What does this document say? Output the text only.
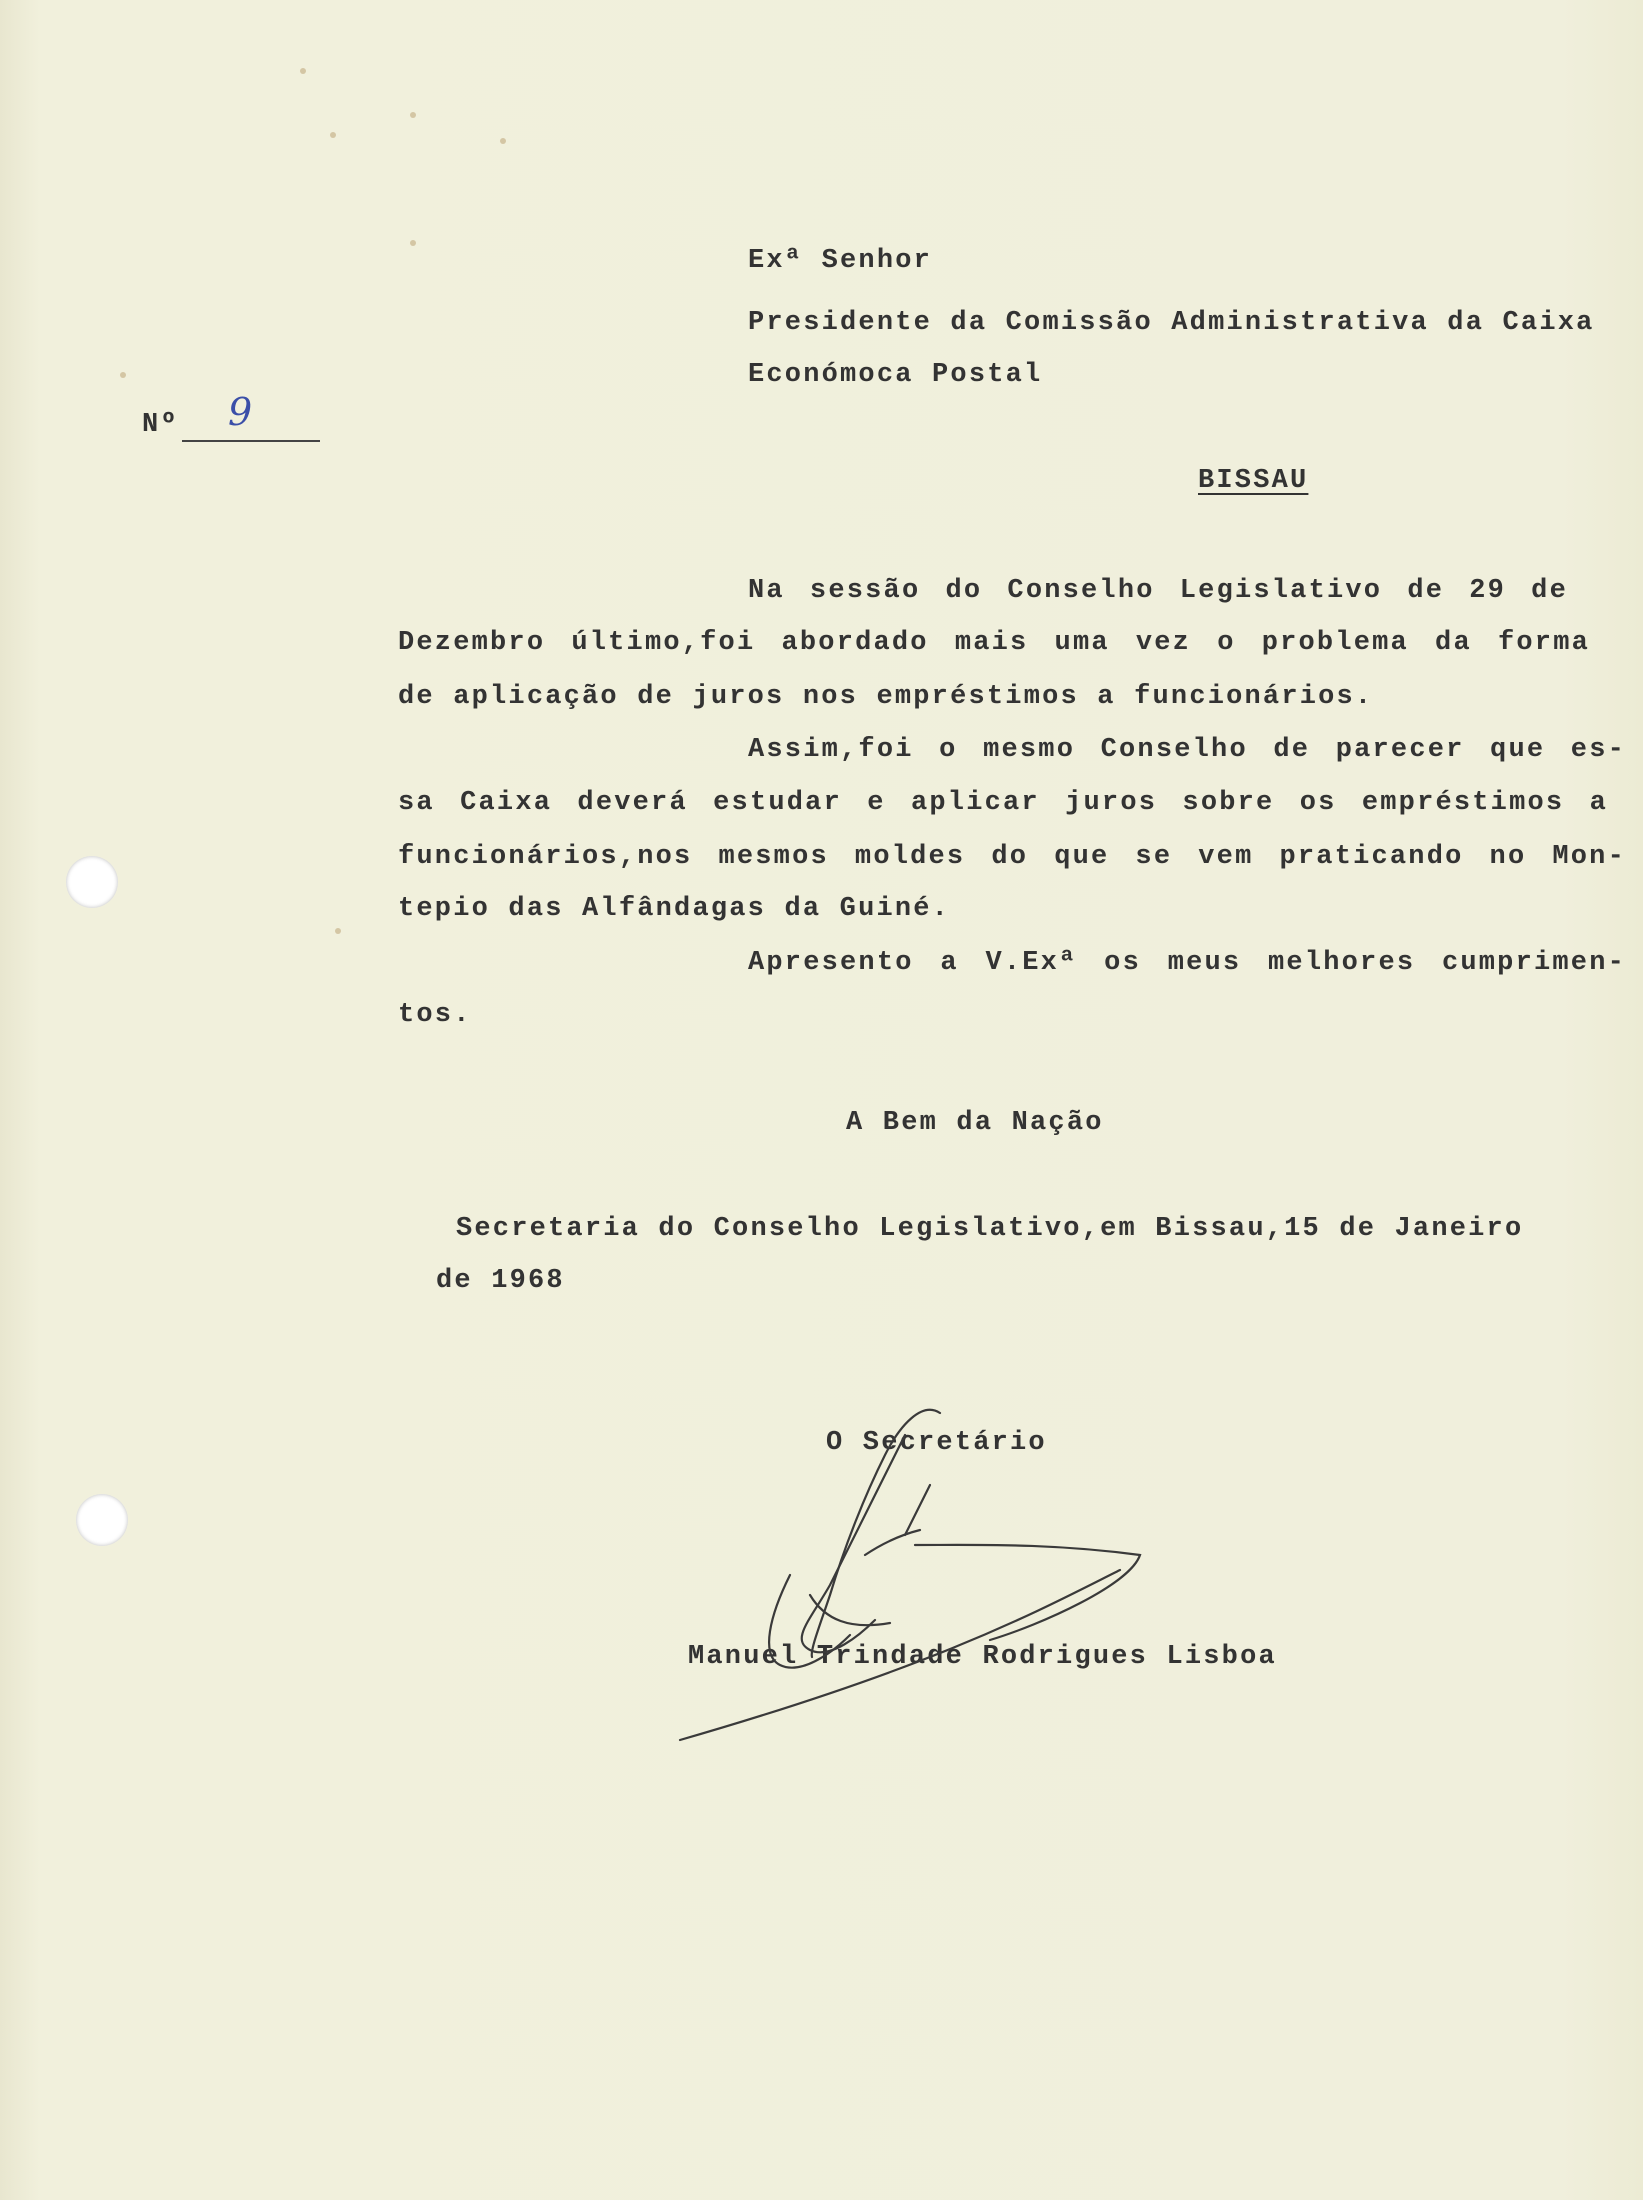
Exª Senhor
Presidente da Comissão Administrativa da Caixa
Económoca Postal
Nº 9
BISSAU
Na sessão do Conselho Legislativo de 29 de
Dezembro último,foi abordado mais uma vez o problema da forma
de aplicação de juros nos empréstimos a funcionários.
Assim,foi o mesmo Conselho de parecer que es-
sa Caixa deverá estudar e aplicar juros sobre os empréstimos a
funcionários,nos mesmos moldes do que se vem praticando no Mon-
tepio das Alfândagas da Guiné.
Apresento a V.Exª os meus melhores cumprimen-
tos.
A Bem da Nação
Secretaria do Conselho Legislativo,em Bissau,15 de Janeiro
de 1968
O Secretário
Manuel Trindade Rodrigues Lisboa
